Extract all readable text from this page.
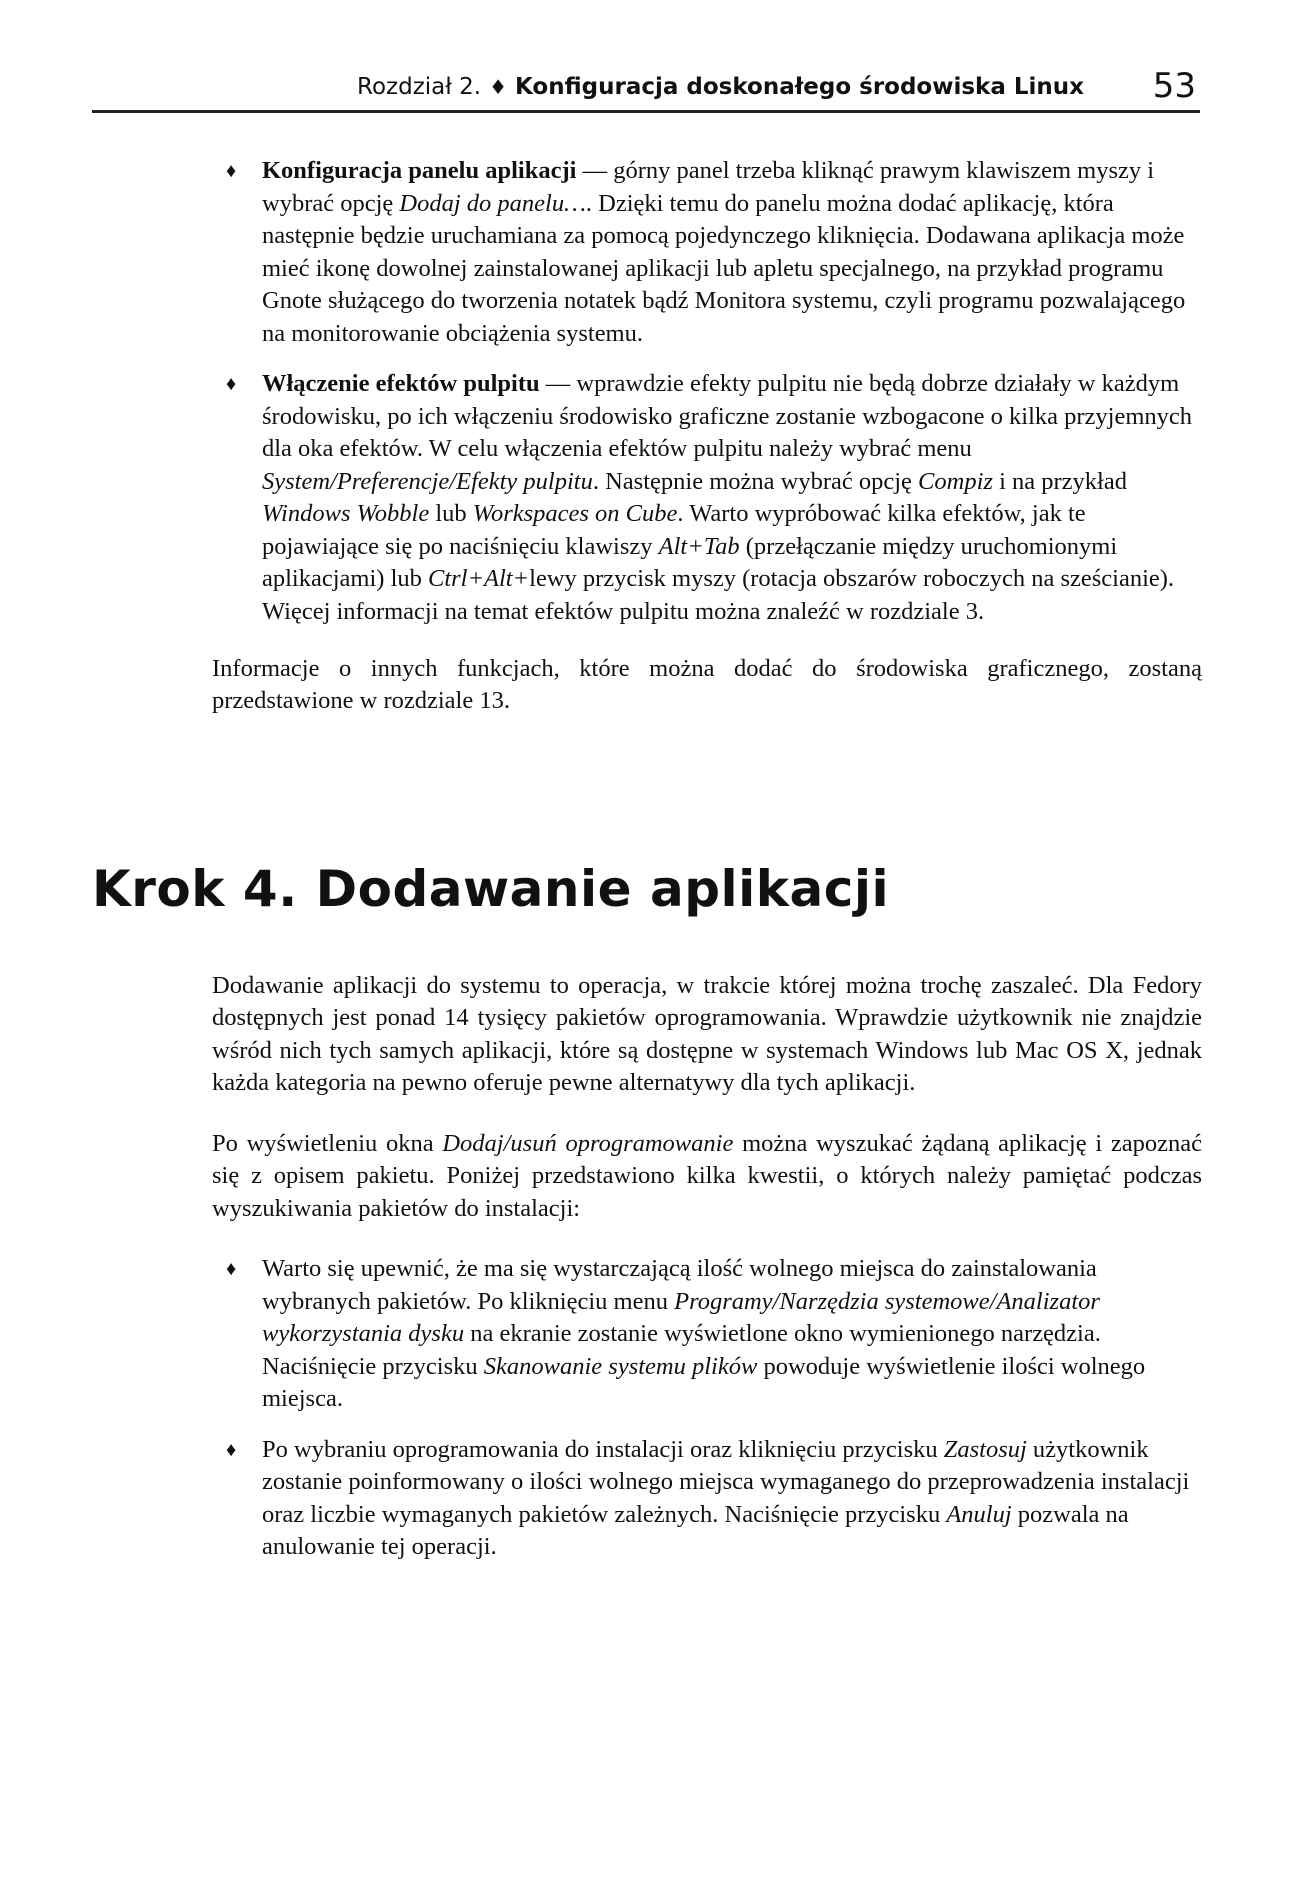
Rozdział 2. ♦ Konfiguracja doskonałego środowiska Linux 53
♦ Konfiguracja panelu aplikacji — górny panel trzeba kliknąć prawym klawiszem myszy i wybrać opcję Dodaj do panelu…. Dzięki temu do panelu można dodać aplikację, która następnie będzie uruchamiana za pomocą pojedynczego kliknięcia. Dodawana aplikacja może mieć ikonę dowolnej zainstalowanej aplikacji lub apletu specjalnego, na przykład programu Gnote służącego do tworzenia notatek bądź Monitora systemu, czyli programu pozwalającego na monitorowanie obciążenia systemu.
♦ Włączenie efektów pulpitu — wprawdzie efekty pulpitu nie będą dobrze działały w każdym środowisku, po ich włączeniu środowisko graficzne zostanie wzbogacone o kilka przyjemnych dla oka efektów. W celu włączenia efektów pulpitu należy wybrać menu System/Preferencje/Efekty pulpitu. Następnie można wybrać opcję Compiz i na przykład Windows Wobble lub Workspaces on Cube. Warto wypróbować kilka efektów, jak te pojawiające się po naciśnięciu klawiszy Alt+Tab (przełączanie między uruchomionymi aplikacjami) lub Ctrl+Alt+lewy przycisk myszy (rotacja obszarów roboczych na sześcianie). Więcej informacji na temat efektów pulpitu można znaleźć w rozdziale 3.

Informacje o innych funkcjach, które można dodać do środowiska graficznego, zostaną przedstawione w rozdziale 13.

Krok 4. Dodawanie aplikacji

Dodawanie aplikacji do systemu to operacja, w trakcie której można trochę zaszaleć. Dla Fedory dostępnych jest ponad 14 tysięcy pakietów oprogramowania. Wprawdzie użytkownik nie znajdzie wśród nich tych samych aplikacji, które są dostępne w systemach Windows lub Mac OS X, jednak każda kategoria na pewno oferuje pewne alternatywy dla tych aplikacji.

Po wyświetleniu okna Dodaj/usuń oprogramowanie można wyszukać żądaną aplikację i zapoznać się z opisem pakietu. Poniżej przedstawiono kilka kwestii, o których należy pamiętać podczas wyszukiwania pakietów do instalacji:

♦ Warto się upewnić, że ma się wystarczającą ilość wolnego miejsca do zainstalowania wybranych pakietów. Po kliknięciu menu Programy/Narzędzia systemowe/Analizator wykorzystania dysku na ekranie zostanie wyświetlone okno wymienionego narzędzia. Naciśnięcie przycisku Skanowanie systemu plików powoduje wyświetlenie ilości wolnego miejsca.
♦ Po wybraniu oprogramowania do instalacji oraz kliknięciu przycisku Zastosuj użytkownik zostanie poinformowany o ilości wolnego miejsca wymaganego do przeprowadzenia instalacji oraz liczbie wymaganych pakietów zależnych. Naciśnięcie przycisku Anuluj pozwala na anulowanie tej operacji.
